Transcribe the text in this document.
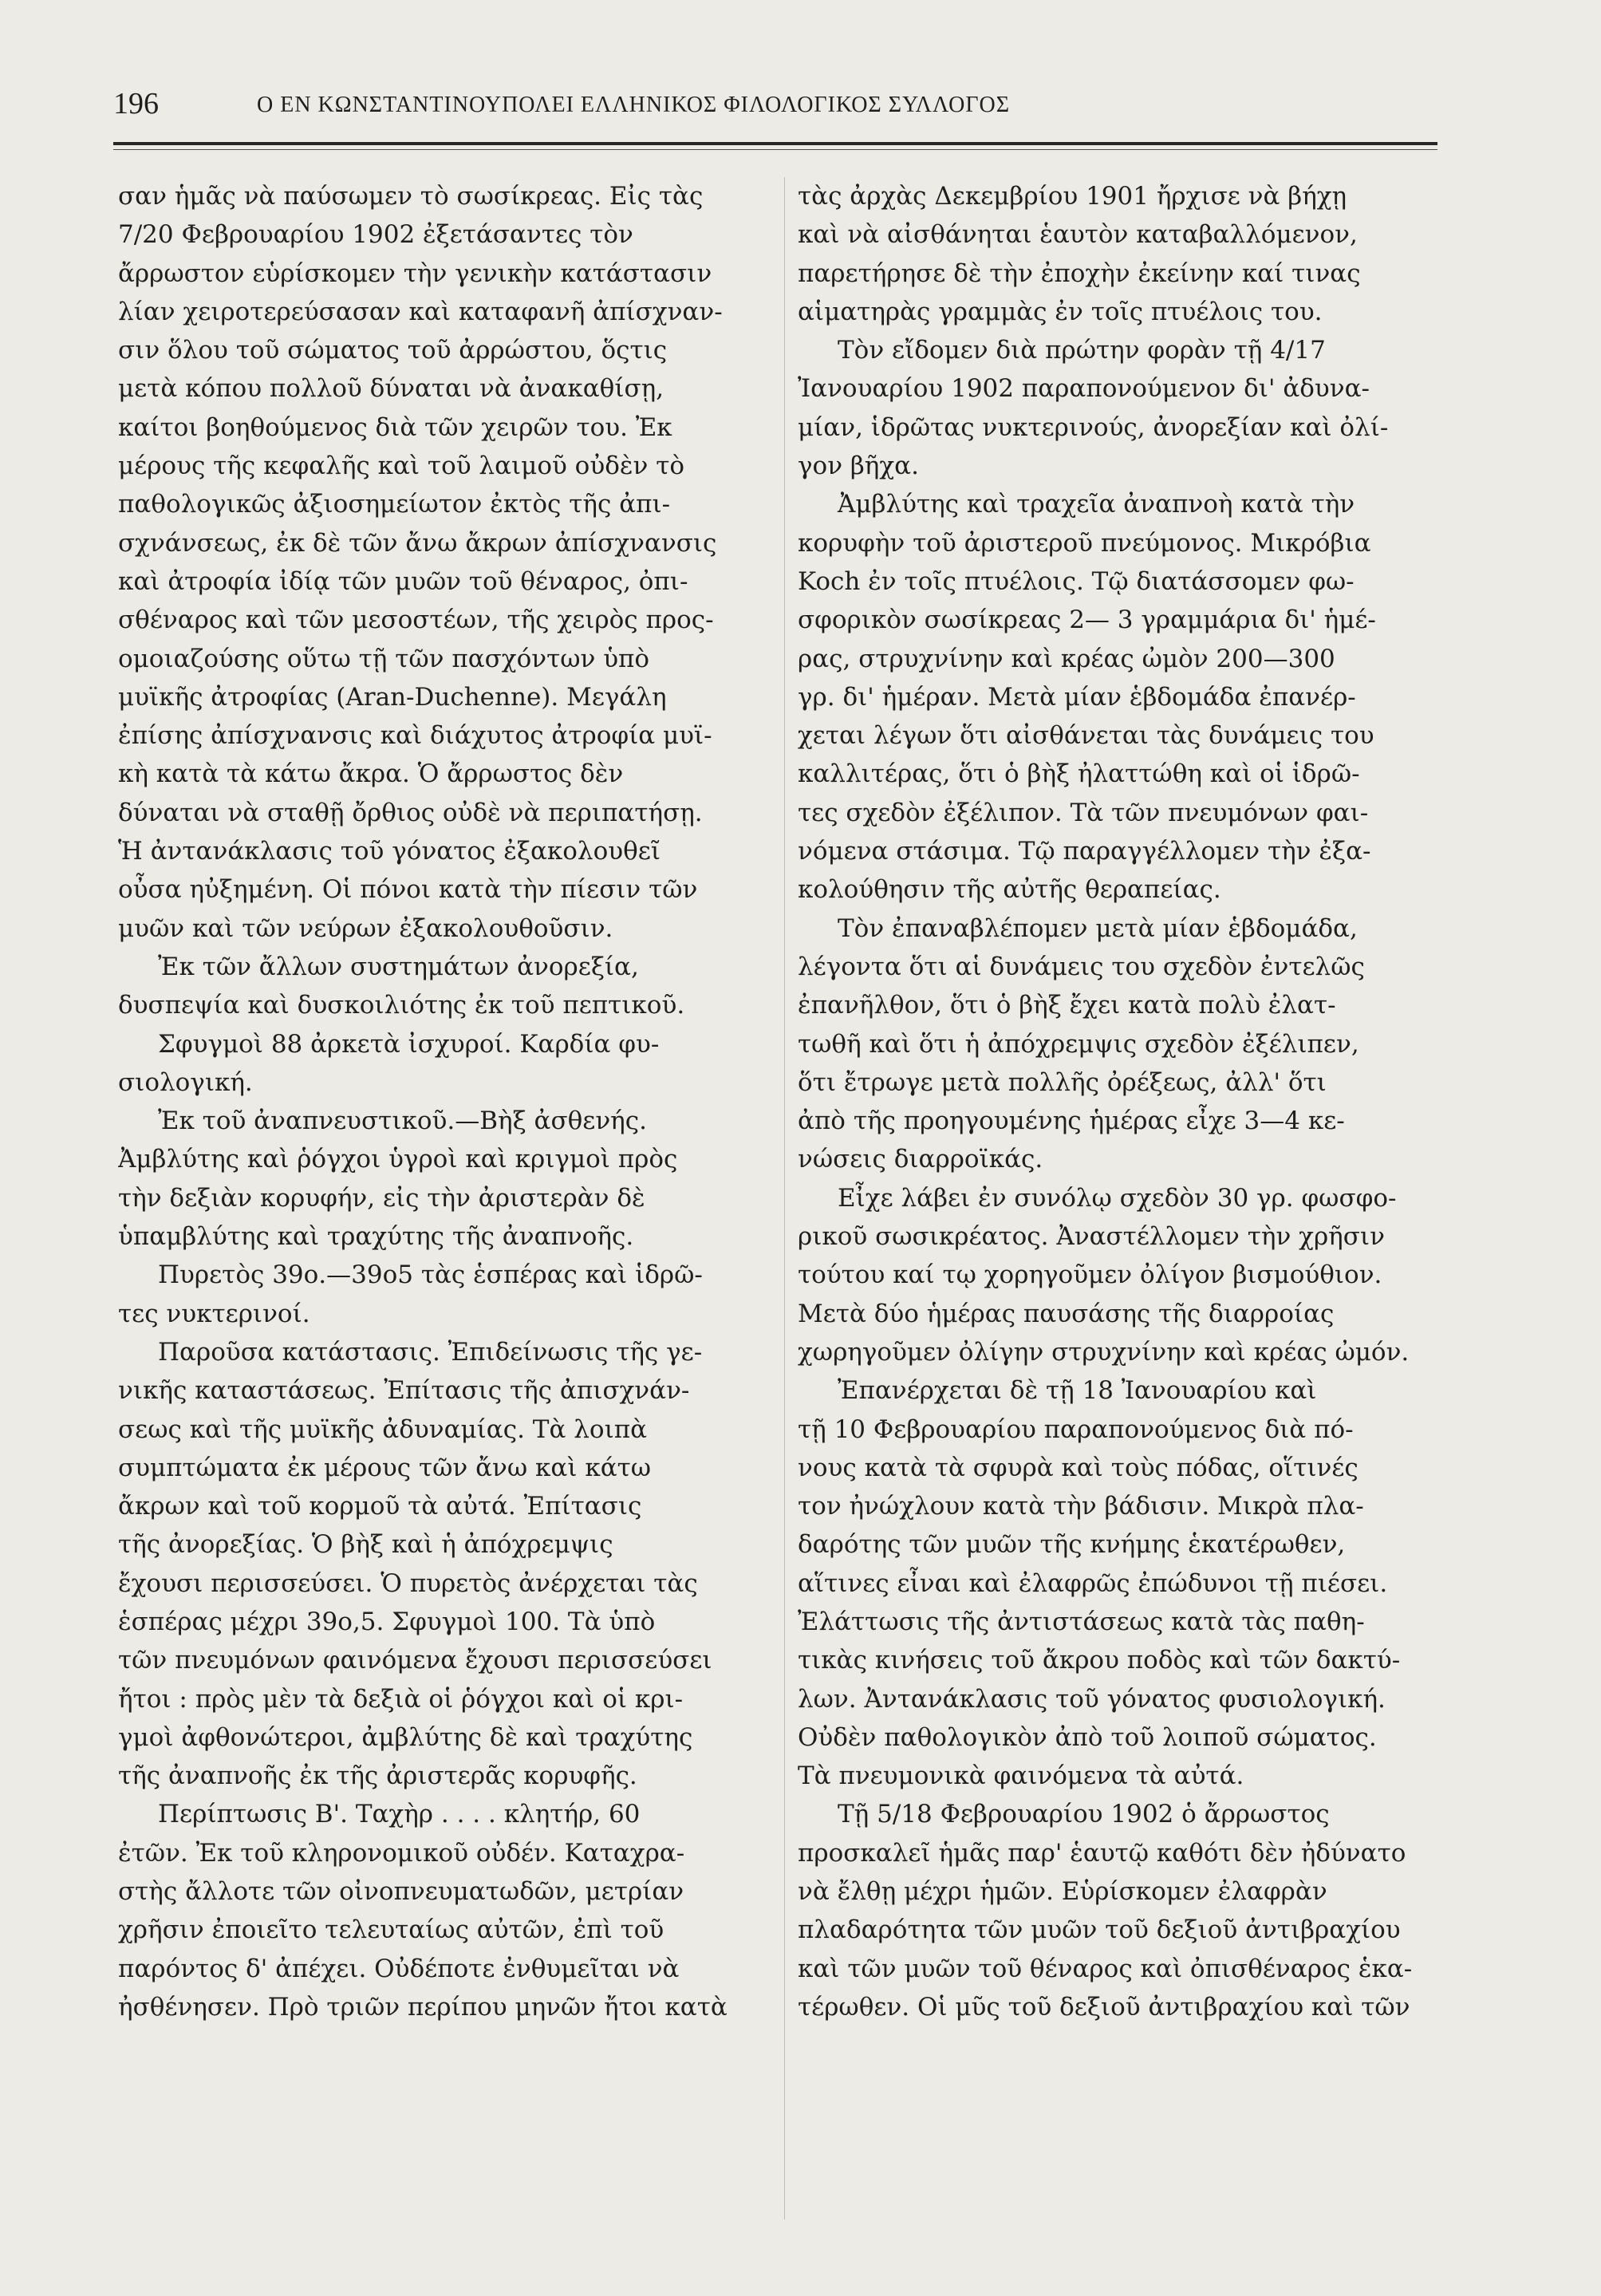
196	Ο ΕΝ ΚΩΝΣΤΑΝΤΙΝΟΥΠΟΛΕΙ ΕΛΛΗΝΙΚΟΣ ΦΙΛΟΛΟΓΙΚΟΣ ΣΥΛΛΟΓΟΣ
σαν ἡμᾶς νὰ παύσωμεν τὸ σωσίκρεας. Εἰς τὰς
7/20 Φεβρουαρίου 1902 ἐξετάσαντες τὸν
ἄρρωστον εὑρίσκομεν τὴν γενικὴν κατάστασιν
λίαν χειροτερεύσασαν καὶ καταφανῆ ἀπίσχναν-
σιν ὅλου τοῦ σώματος τοῦ ἀρρώστου, ὅςτις
μετὰ κόπου πολλοῦ δύναται νὰ ἀνακαθίσῃ,
καίτοι βοηθούμενος διὰ τῶν χειρῶν του. Ἐκ
μέρους τῆς κεφαλῆς καὶ τοῦ λαιμοῦ οὐδὲν τὸ
παθολογικῶς ἀξιοσημείωτον ἐκτὸς τῆς ἀπι-
σχνάνσεως, ἐκ δὲ τῶν ἄνω ἄκρων ἀπίσχνανσις
καὶ ἀτροφία ἰδίᾳ τῶν μυῶν τοῦ θέναρος, ὀπι-
σθέναρος καὶ τῶν μεσοστέων, τῆς χειρὸς προς-
ομοιαζούσης οὕτω τῇ τῶν πασχόντων ὑπὸ
μυϊκῆς ἀτροφίας (Aran-Duchenne). Μεγάλη
ἐπίσης ἀπίσχνανσις καὶ διάχυτος ἀτροφία μυϊ-
κὴ κατὰ τὰ κάτω ἄκρα. Ὁ ἄρρωστος δὲν
δύναται νὰ σταθῇ ὄρθιος οὐδὲ νὰ περιπατήσῃ.
Ἡ ἀντανάκλασις τοῦ γόνατος ἐξακολουθεῖ
οὖσα ηὐξημένη. Οἱ πόνοι κατὰ τὴν πίεσιν τῶν
μυῶν καὶ τῶν νεύρων ἐξακολουθοῦσιν.
Ἐκ τῶν ἄλλων συστημάτων ἀνορεξία,
δυσπεψία καὶ δυσκοιλιότης ἐκ τοῦ πεπτικοῦ.
Σφυγμοὶ 88 ἀρκετὰ ἰσχυροί. Καρδία φυ-
σιολογική.
Ἐκ τοῦ ἀναπνευστικοῦ.—Βὴξ ἀσθενής.
Ἀμβλύτης καὶ ῥόγχοι ὑγροὶ καὶ κριγμοὶ πρὸς
τὴν δεξιὰν κορυφήν, εἰς τὴν ἀριστερὰν δὲ
ὑπαμβλύτης καὶ τραχύτης τῆς ἀναπνοῆς.
Πυρετὸς 39ο.—39ο5 τὰς ἑσπέρας καὶ ἱδρῶ-
τες νυκτερινοί.
Παροῦσα κατάστασις. Ἐπιδείνωσις τῆς γε-
νικῆς καταστάσεως. Ἐπίτασις τῆς ἀπισχνάν-
σεως καὶ τῆς μυϊκῆς ἀδυναμίας. Τὰ λοιπὰ
συμπτώματα ἐκ μέρους τῶν ἄνω καὶ κάτω
ἄκρων καὶ τοῦ κορμοῦ τὰ αὐτά. Ἐπίτασις
τῆς ἀνορεξίας. Ὁ βὴξ καὶ ἡ ἀπόχρεμψις
ἔχουσι περισσεύσει. Ὁ πυρετὸς ἀνέρχεται τὰς
ἑσπέρας μέχρι 39ο,5. Σφυγμοὶ 100. Τὰ ὑπὸ
τῶν πνευμόνων φαινόμενα ἔχουσι περισσεύσει
ἤτοι : πρὸς μὲν τὰ δεξιὰ οἱ ῥόγχοι καὶ οἱ κρι-
γμοὶ ἀφθονώτεροι, ἀμβλύτης δὲ καὶ τραχύτης
τῆς ἀναπνοῆς ἐκ τῆς ἀριστερᾶς κορυφῆς.
Περίπτωσις Β'. Ταχὴρ . . . . κλητήρ, 60
ἐτῶν. Ἐκ τοῦ κληρονομικοῦ οὐδέν. Καταχρα-
στὴς ἄλλοτε τῶν οἰνοπνευματωδῶν, μετρίαν
χρῆσιν ἐποιεῖτο τελευταίως αὐτῶν, ἐπὶ τοῦ
παρόντος δ' ἀπέχει. Οὐδέποτε ἐνθυμεῖται νὰ
ἠσθένησεν. Πρὸ τριῶν περίπου μηνῶν ἤτοι κατὰ
τὰς ἀρχὰς Δεκεμβρίου 1901 ἤρχισε νὰ βήχῃ
καὶ νὰ αἰσθάνηται ἑαυτὸν καταβαλλόμενον,
παρετήρησε δὲ τὴν ἐποχὴν ἐκείνην καί τινας
αἱματηρὰς γραμμὰς ἐν τοῖς πτυέλοις του.
Τὸν εἴδομεν διὰ πρώτην φορὰν τῇ 4/17
Ἰανουαρίου 1902 παραπονούμενον δι' ἀδυνα-
μίαν, ἱδρῶτας νυκτερινούς, ἀνορεξίαν καὶ ὀλί-
γον βῆχα.
Ἀμβλύτης καὶ τραχεῖα ἀναπνοὴ κατὰ τὴν
κορυφὴν τοῦ ἀριστεροῦ πνεύμονος. Μικρόβια
Koch ἐν τοῖς πτυέλοις. Τῷ διατάσσομεν φω-
σφορικὸν σωσίκρεας 2— 3 γραμμάρια δι' ἡμέ-
ρας, στρυχνίνην καὶ κρέας ὠμὸν 200—300
γρ. δι' ἡμέραν. Μετὰ μίαν ἑβδομάδα ἐπανέρ-
χεται λέγων ὅτι αἰσθάνεται τὰς δυνάμεις του
καλλιτέρας, ὅτι ὁ βὴξ ἠλαττώθη καὶ οἱ ἱδρῶ-
τες σχεδὸν ἐξέλιπον. Τὰ τῶν πνευμόνων φαι-
νόμενα στάσιμα. Τῷ παραγγέλλομεν τὴν ἐξα-
κολούθησιν τῆς αὐτῆς θεραπείας.
Τὸν ἐπαναβλέπομεν μετὰ μίαν ἑβδομάδα,
λέγοντα ὅτι αἱ δυνάμεις του σχεδὸν ἐντελῶς
ἐπανῆλθον, ὅτι ὁ βὴξ ἔχει κατὰ πολὺ ἐλατ-
τωθῆ καὶ ὅτι ἡ ἀπόχρεμψις σχεδὸν ἐξέλιπεν,
ὅτι ἔτρωγε μετὰ πολλῆς ὀρέξεως, ἀλλ' ὅτι
ἀπὸ τῆς προηγουμένης ἡμέρας εἶχε 3—4 κε-
νώσεις διαρροϊκάς.
Εἶχε λάβει ἐν συνόλῳ σχεδὸν 30 γρ. φωσφο-
ρικοῦ σωσικρέατος. Ἀναστέλλομεν τὴν χρῆσιν
τούτου καί τῳ χορηγοῦμεν ὀλίγον βισμούθιον.
Μετὰ δύο ἡμέρας παυσάσης τῆς διαρροίας
χωρηγοῦμεν ὀλίγην στρυχνίνην καὶ κρέας ὠμόν.
Ἐπανέρχεται δὲ τῇ 18 Ἰανουαρίου καὶ
τῇ 10 Φεβρουαρίου παραπονούμενος διὰ πό-
νους κατὰ τὰ σφυρὰ καὶ τοὺς πόδας, οἵτινές
τον ἠνώχλουν κατὰ τὴν βάδισιν. Μικρὰ πλα-
δαρότης τῶν μυῶν τῆς κνήμης ἑκατέρωθεν,
αἵτινες εἶναι καὶ ἐλαφρῶς ἐπώδυνοι τῇ πιέσει.
Ἐλάττωσις τῆς ἀντιστάσεως κατὰ τὰς παθη-
τικὰς κινήσεις τοῦ ἄκρου ποδὸς καὶ τῶν δακτύ-
λων. Ἀντανάκλασις τοῦ γόνατος φυσιολογική.
Οὐδὲν παθολογικὸν ἀπὸ τοῦ λοιποῦ σώματος.
Τὰ πνευμονικὰ φαινόμενα τὰ αὐτά.
Τῇ 5/18 Φεβρουαρίου 1902 ὁ ἄρρωστος
προσκαλεῖ ἡμᾶς παρ' ἑαυτῷ καθότι δὲν ἠδύνατο
νὰ ἔλθῃ μέχρι ἡμῶν. Εὑρίσκομεν ἐλαφρὰν
πλαδαρότητα τῶν μυῶν τοῦ δεξιοῦ ἀντιβραχίου
καὶ τῶν μυῶν τοῦ θέναρος καὶ ὀπισθέναρος ἑκα-
τέρωθεν. Οἱ μῦς τοῦ δεξιοῦ ἀντιβραχίου καὶ τῶν
